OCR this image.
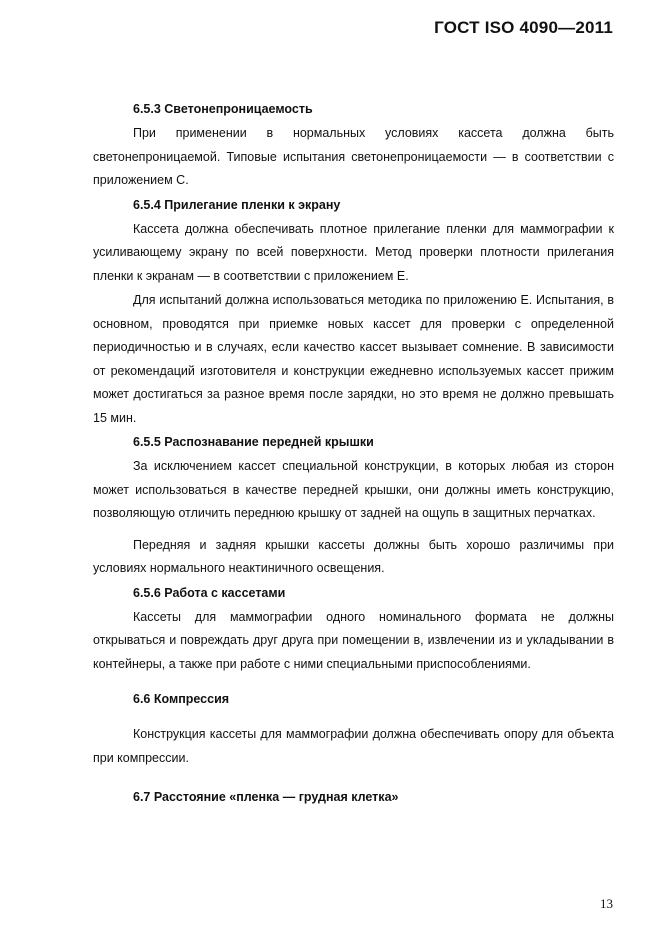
ГОСТ ISO 4090—2011
6.5.3 Светонепроницаемость
При применении в нормальных условиях кассета должна быть светонепроницаемой. Типовые испытания светонепроницаемости — в соответствии с приложением С.
6.5.4 Прилегание пленки к экрану
Кассета должна обеспечивать плотное прилегание пленки для маммографии к усиливающему экрану по всей поверхности. Метод проверки плотности прилегания пленки к экранам — в соответствии с приложением Е.
Для испытаний должна использоваться методика по приложению Е. Испытания, в основном, проводятся при приемке новых кассет для проверки с определенной периодичностью и в случаях, если качество кассет вызывает сомнение. В зависимости от рекомендаций изготовителя и конструкции ежедневно используемых кассет прижим может достигаться за разное время после зарядки, но это время не должно превышать 15 мин.
6.5.5 Распознавание передней крышки
За исключением кассет специальной конструкции, в которых любая из сторон может использоваться в качестве передней крышки, они должны иметь конструкцию, позволяющую отличить переднюю крышку от задней на ощупь в защитных перчатках.
Передняя и задняя крышки кассеты должны быть хорошо различимы при условиях нормального неактиничного освещения.
6.5.6 Работа с кассетами
Кассеты для маммографии одного номинального формата не должны открываться и повреждать друг друга при помещении в, извлечении из и укладывании в контейнеры, а также при работе с ними специальными приспособлениями.
6.6 Компрессия
Конструкция кассеты для маммографии должна обеспечивать опору для объекта при компрессии.
6.7 Расстояние «пленка — грудная клетка»
13
